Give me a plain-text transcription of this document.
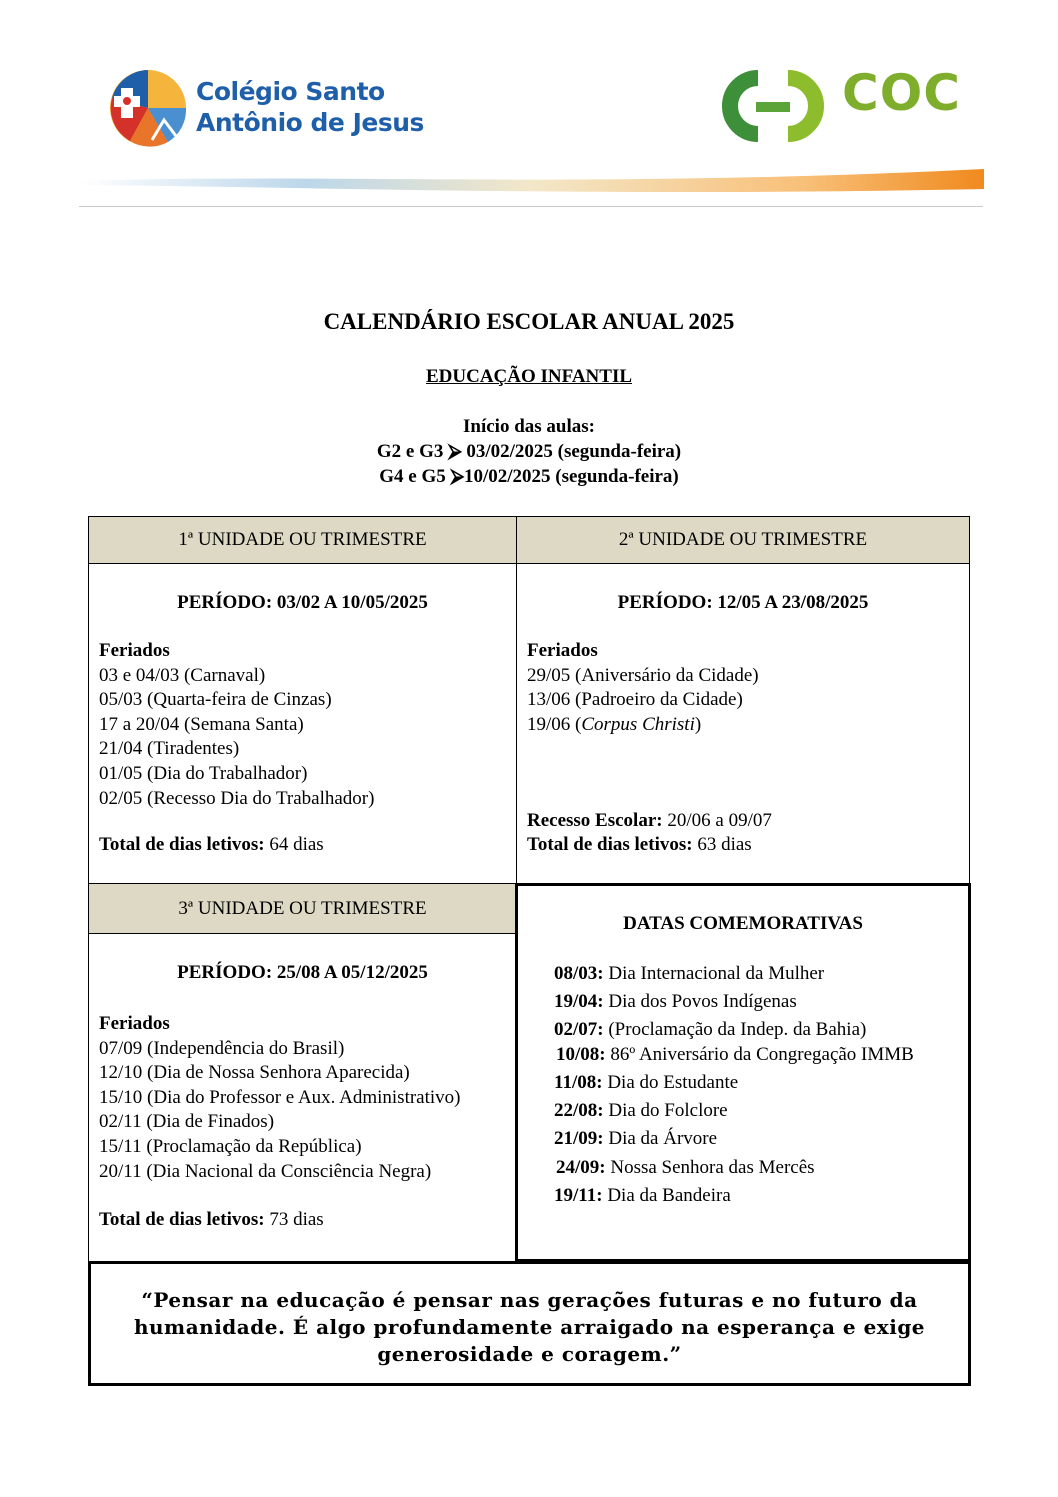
Colégio Santo
Antônio de Jesus
COC
CALENDÁRIO ESCOLAR ANUAL 2025
EDUCAÇÃO INFANTIL
Início das aulas:
G2 e G3 ⮚ 03/02/2025 (segunda-feira)
G4 e G5 ⮚10/02/2025 (segunda-feira)
1ª UNIDADE OU TRIMESTRE
PERÍODO: 03/02 A 10/05/2025
Feriados
03 e 04/03 (Carnaval)
05/03 (Quarta-feira de Cinzas)
17 a 20/04 (Semana Santa)
21/04 (Tiradentes)
01/05 (Dia do Trabalhador)
02/05 (Recesso Dia do Trabalhador)
Total de dias letivos: 64 dias
2ª UNIDADE OU TRIMESTRE
PERÍODO: 12/05 A 23/08/2025
Feriados
29/05 (Aniversário da Cidade)
13/06 (Padroeiro da Cidade)
19/06 (Corpus Christi)
Recesso Escolar: 20/06 a 09/07
Total de dias letivos: 63 dias
3ª UNIDADE OU TRIMESTRE
PERÍODO: 25/08 A 05/12/2025
Feriados
07/09 (Independência do Brasil)
12/10 (Dia de Nossa Senhora Aparecida)
15/10 (Dia do Professor e Aux. Administrativo)
02/11 (Dia de Finados)
15/11 (Proclamação da República)
20/11 (Dia Nacional da Consciência Negra)
Total de dias letivos: 73 dias
DATAS COMEMORATIVAS
08/03: Dia Internacional da Mulher
19/04: Dia dos Povos Indígenas
02/07: (Proclamação da Indep. da Bahia)
10/08: 86º Aniversário da Congregação IMMB
11/08: Dia do Estudante
22/08: Dia do Folclore
21/09: Dia da Árvore
24/09: Nossa Senhora das Mercês
19/11: Dia da Bandeira
“Pensar na educação é pensar nas gerações futuras e no futuro da
humanidade. É algo profundamente arraigado na esperança e exige
generosidade e coragem.”
